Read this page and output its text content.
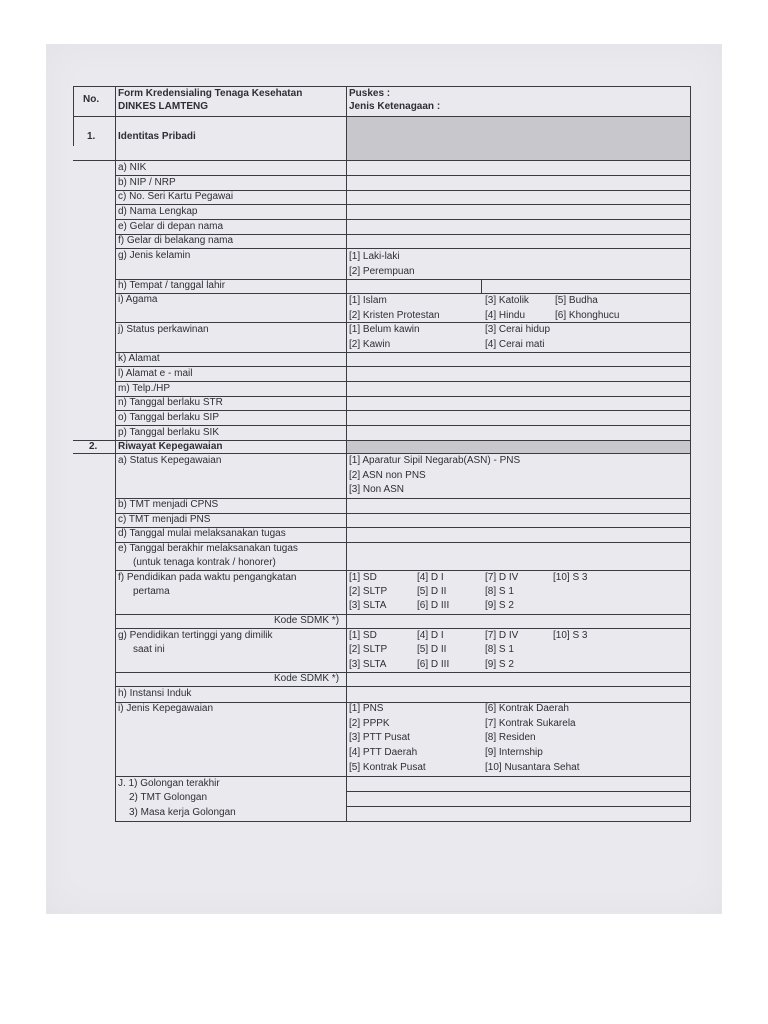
No.
Form Kredensialing Tenaga Kesehatan
DINKES LAMTENG
Puskes :
Jenis Ketenagaan :
1. Identitas Pribadi
a) NIK
b) NIP / NRP
c) No. Seri Kartu Pegawai
d) Nama Lengkap
e) Gelar di depan nama
f) Gelar di belakang nama
g) Jenis kelamin
h) Tempat / tanggal lahir
i) Agama
j) Status perkawinan
k) Alamat
l) Alamat e - mail
m) Telp./HP
n) Tanggal berlaku STR
o) Tanggal berlaku SIP
p) Tanggal berlaku SIK
[1] Laki-laki
[2] Perempuan
[1] Islam
[2] Kristen Protestan
[3] Katolik
[4] Hindu
[5] Budha
[6] Khonghucu
[1] Belum kawin
[2] Kawin
[3] Cerai hidup
[4] Cerai mati
2. Riwayat Kepegawaian
a) Status Kepegawaian	[1] Aparatur Sipil Negarab(ASN) - PNS
[2] ASN non PNS
[3] Non ASN
b) TMT menjadi CPNS
c) TMT menjadi PNS
d) Tanggal mulai melaksanakan tugas
e) Tanggal berakhir melaksanakan tugas
(untuk tenaga kontrak / honorer)
f) Pendidikan pada waktu pengangkatan
pertama
[1] SD
[2] SLTP
[3] SLTA
[4] D I
[5] D II
[6] D III
[7] D IV
[8] S 1
[9] S 2
[10] S 3
Kode SDMK *)
g) Pendidikan tertinggi yang dimilik
saat ini
[1] SD
[2] SLTP
[3] SLTA
[4] D I
[5] D II
[6] D III
[7] D IV
[8] S 1
[9] S 2
[10] S 3
Kode SDMK *)
h) Instansi Induk
i) Jenis Kepegawaian	[1] PNS
[2] PPPK
[3] PTT Pusat
[4] PTT Daerah
[5] Kontrak Pusat
[6] Kontrak Daerah
[7] Kontrak Sukarela
[8] Residen
[9] Internship
[10] Nusantara Sehat
J. 1) Golongan terakhir
2) TMT Golongan
3) Masa kerja Golongan
